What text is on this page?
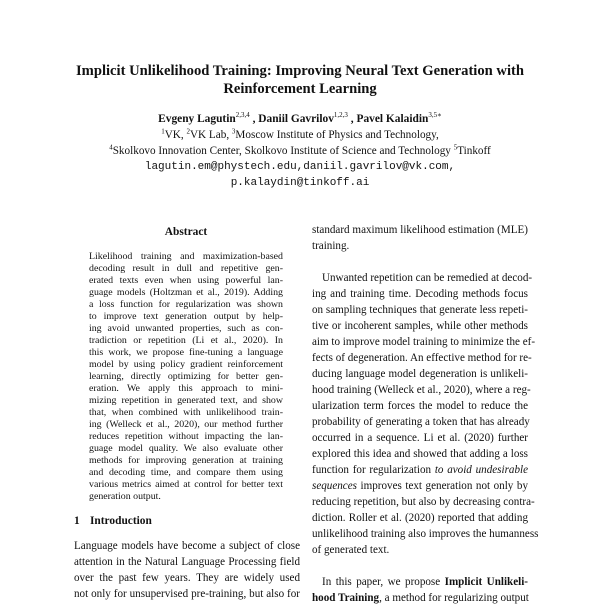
Implicit Unlikelihood Training: Improving Neural Text Generation with
Reinforcement Learning
Evgeny Lagutin$^{2,3,4}$ , Daniil Gavrilov$^{1,2,3}$ , Pavel Kalaidin$^{3,5∗}$
$^1$VK, $^2$VK Lab, $^3$Moscow Institute of Physics and Technology,
$^4$Skolkovo Innovation Center, Skolkovo Institute of Science and Technology $^5$Tinkoff
lagutin.em@phystech.edu,daniil.gavrilov@vk.com,
p.kalaydin@tinkoff.ai
Abstract
Likelihood training and maximization-based
decoding result in dull and repetitive gen-
erated texts even when using powerful lan-
guage models (Holtzman et al., 2019). Adding
a loss function for regularization was shown
to improve text generation output by help-
ing avoid unwanted properties, such as con-
tradiction or repetition (Li et al., 2020). In
this work, we propose fine-tuning a language
model by using policy gradient reinforcement
learning, directly optimizing for better gen-
eration. We apply this approach to mini-
mizing repetition in generated text, and show
that, when combined with unlikelihood train-
ing (Welleck et al., 2020), our method further
reduces repetition without impacting the lan-
guage model quality. We also evaluate other
methods for improving generation at training
and decoding time, and compare them using
various metrics aimed at control for better text
generation output.
1 Introduction
Language models have become a subject of close
attention in the Natural Language Processing field
over the past few years. They are widely used
not only for unsupervised pre-training, but also for
standard maximum likelihood estimation (MLE)
training.
Unwanted repetition can be remedied at decod-
ing and training time. Decoding methods focus
on sampling techniques that generate less repeti-
tive or incoherent samples, while other methods
aim to improve model training to minimize the ef-
fects of degeneration. An effective method for re-
ducing language model degeneration is unlikeli-
hood training (Welleck et al., 2020), where a reg-
ularization term forces the model to reduce the
probability of generating a token that has already
occurred in a sequence. Li et al. (2020) further
explored this idea and showed that adding a loss
function for regularization to avoid undesirable
sequences improves text generation not only by
reducing repetition, but also by decreasing contra-
diction. Roller et al. (2020) reported that adding
unlikelihood training also improves the humanness
of generated text.
In this paper, we propose Implicit Unlikeli-
hood Training, a method for regularizing output
